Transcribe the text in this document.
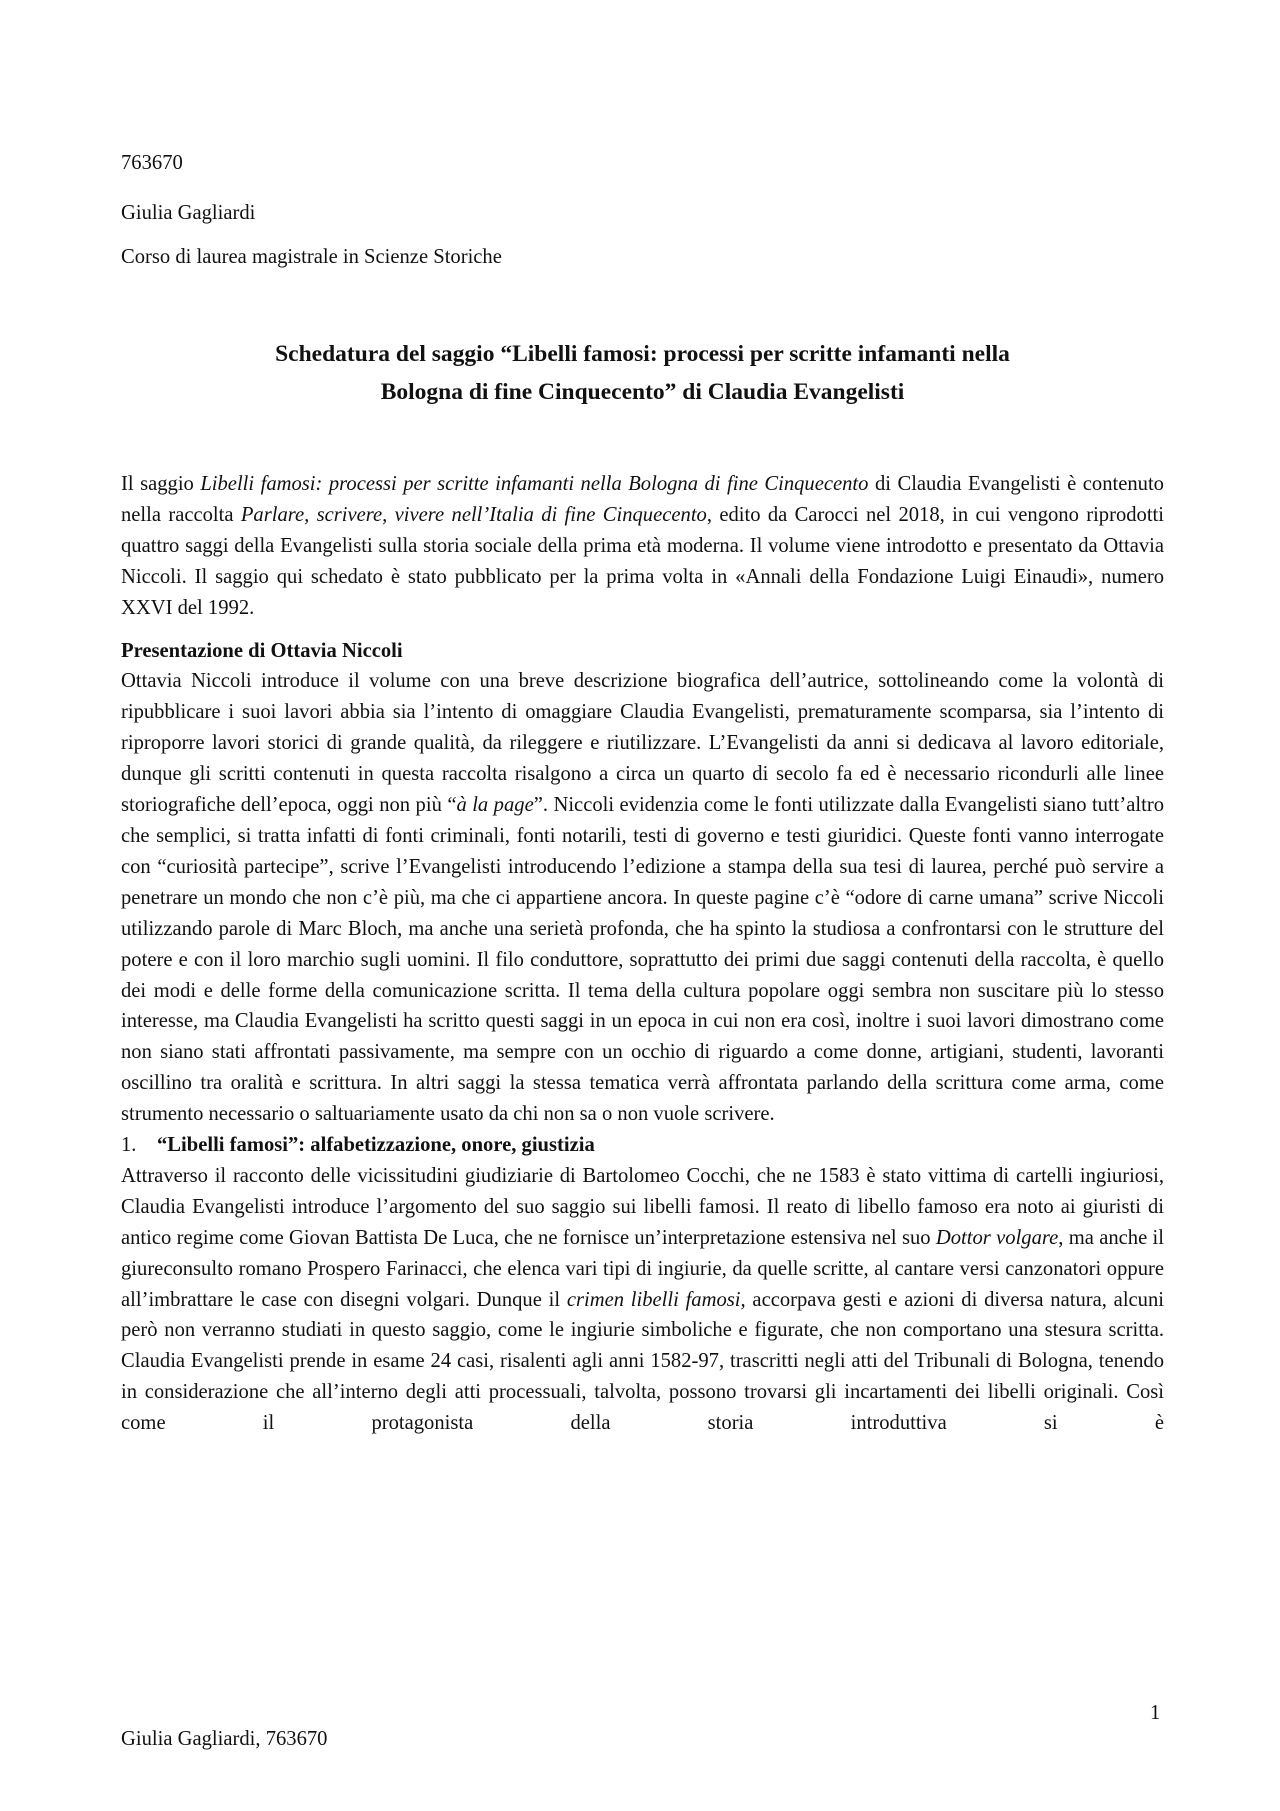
763670
Giulia Gagliardi
Corso di laurea magistrale in Scienze Storiche
Schedatura del saggio “Libelli famosi: processi per scritte infamanti nella
Bologna di fine Cinquecento” di Claudia Evangelisti

Il saggio Libelli famosi: processi per scritte infamanti nella Bologna di fine Cinquecento di Claudia Evangelisti è contenuto nella raccolta Parlare, scrivere, vivere nell’Italia di fine Cinquecento, edito da Carocci nel 2018, in cui vengono riprodotti quattro saggi della Evangelisti sulla storia sociale della prima età moderna. Il volume viene introdotto e presentato da Ottavia Niccoli. Il saggio qui schedato è stato pubblicato per la prima volta in «Annali della Fondazione Luigi Einaudi», numero XXVI del 1992.

Presentazione di Ottavia Niccoli

Ottavia Niccoli introduce il volume con una breve descrizione biografica dell’autrice, sottolineando come la volontà di ripubblicare i suoi lavori abbia sia l’intento di omaggiare Claudia Evangelisti, prematuramente scomparsa, sia l’intento di riproporre lavori storici di grande qualità, da rileggere e riutilizzare. L’Evangelisti da anni si dedicava al lavoro editoriale, dunque gli scritti contenuti in questa raccolta risalgono a circa un quarto di secolo fa ed è necessario ricondurli alle linee storiografiche dell’epoca, oggi non più “à la page”. Niccoli evidenzia come le fonti utilizzate dalla Evangelisti siano tutt’altro che semplici, si tratta infatti di fonti criminali, fonti notarili, testi di governo e testi giuridici. Queste fonti vanno interrogate con “curiosità partecipe”, scrive l’Evangelisti introducendo l’edizione a stampa della sua tesi di laurea, perché può servire a penetrare un mondo che non c’è più, ma che ci appartiene ancora. In queste pagine c’è “odore di carne umana” scrive Niccoli utilizzando parole di Marc Bloch, ma anche una serietà profonda, che ha spinto la studiosa a confrontarsi con le strutture del potere e con il loro marchio sugli uomini. Il filo conduttore, soprattutto dei primi due saggi contenuti della raccolta, è quello dei modi e delle forme della comunicazione scritta. Il tema della cultura popolare oggi sembra non suscitare più lo stesso interesse, ma Claudia Evangelisti ha scritto questi saggi in un epoca in cui non era così, inoltre i suoi lavori dimostrano come non siano stati affrontati passivamente, ma sempre con un occhio di riguardo a come donne, artigiani, studenti, lavoranti oscillino tra oralità e scrittura. In altri saggi la stessa tematica verrà affrontata parlando della scrittura come arma, come strumento necessario o saltuariamente usato da chi non sa o non vuole scrivere.

1. “Libelli famosi”: alfabetizzazione, onore, giustizia

Attraverso il racconto delle vicissitudini giudiziarie di Bartolomeo Cocchi, che ne 1583 è stato vittima di cartelli ingiuriosi, Claudia Evangelisti introduce l’argomento del suo saggio sui libelli famosi. Il reato di libello famoso era noto ai giuristi di antico regime come Giovan Battista De Luca, che ne fornisce un’interpretazione estensiva nel suo Dottor volgare, ma anche il giureconsulto romano Prospero Farinacci, che elenca vari tipi di ingiurie, da quelle scritte, al cantare versi canzonatori oppure all’imbrattare le case con disegni volgari. Dunque il crimen libelli famosi, accorpava gesti e azioni di diversa natura, alcuni però non verranno studiati in questo saggio, come le ingiurie simboliche e figurate, che non comportano una stesura scritta. Claudia Evangelisti prende in esame 24 casi, risalenti agli anni 1582-97, trascritti negli atti del Tribunali di Bologna, tenendo in considerazione che all’interno degli atti processuali, talvolta, possono trovarsi gli incartamenti dei libelli originali. Così come il protagonista della storia introduttiva si è

1
Giulia Gagliardi, 763670
